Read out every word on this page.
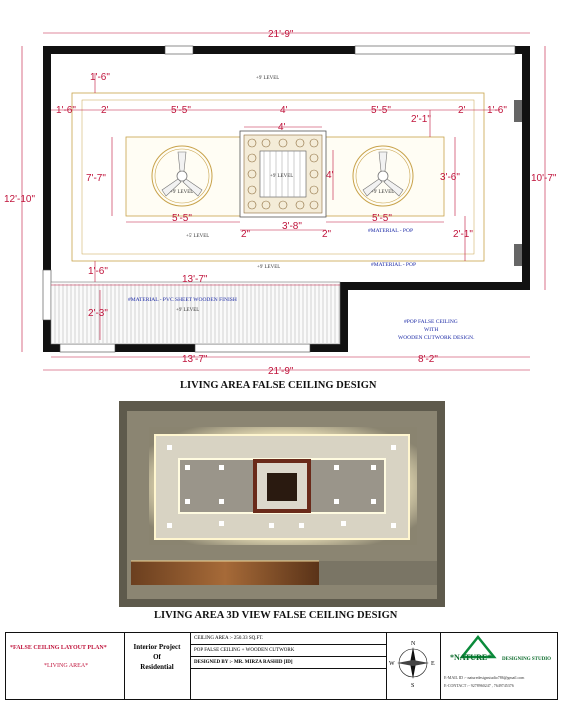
21'-9"
21'-9"
12'-10"
10'-7"
1'-6"
1'-6"	2'	5'-5"	4'	5'-5"	2' 1'-6"
4'
2'-1"
7'-7"	4'	3'-6"
5'-5"	5'-5"
2"
3'-8"
2"	2'-1"
1'-6"
13'-7"
2'-3"
13'-7"	8'-2"
+9' LEVEL
+9' LEVEL	+9' LEVEL
+9' LEVEL
+5' LEVEL
+9' LEVEL
+9' LEVEL
#MATERIAL - POP
#MATERIAL - POP
#MATERIAL - PVC SHEET WOODEN FINISH
#POP FALSE CEILING
WITH
WOODEN CUTWORK DESIGN.
LIVING AREA FALSE CEILING DESIGN
LIVING AREA 3D VIEW FALSE CEILING DESIGN
*FALSE CEILING LAYOUT PLAN*
*LIVING AREA*
Interior Project
Of
Residential
CEILING AREA :- 250.33 SQ.FT.
POP FALSE CEILING + WOODEN CUTWORK
DESIGNED BY :- MR. MIRZA RASHID [ID]
N
S
E
W
*NATURE* DESIGNING STUDIO
E-MAIL ID :- naturedesignstudio786@gmail.com
E-CONTACT :- 9278960247 , 7649745376
